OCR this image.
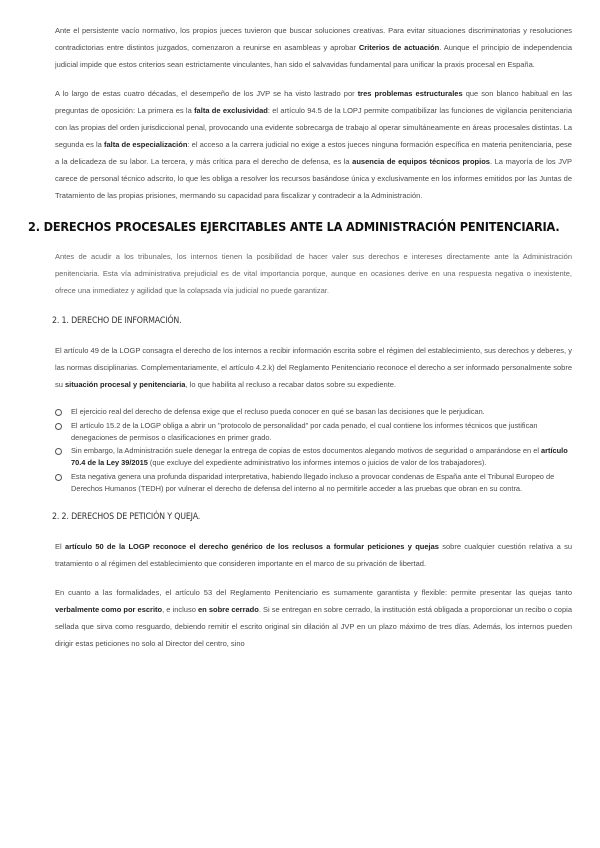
Ante el persistente vacío normativo, los propios jueces tuvieron que buscar soluciones creativas. Para evitar situaciones discriminatorias y resoluciones contradictorias entre distintos juzgados, comenzaron a reunirse en asambleas y aprobar Criterios de actuación. Aunque el principio de independencia judicial impide que estos criterios sean estrictamente vinculantes, han sido el salvavidas fundamental para unificar la praxis procesal en España.

A lo largo de estas cuatro décadas, el desempeño de los JVP se ha visto lastrado por tres problemas estructurales que son blanco habitual en las preguntas de oposición: La primera es la falta de exclusividad: el artículo 94.5 de la LOPJ permite compatibilizar las funciones de vigilancia penitenciaria con las propias del orden jurisdiccional penal, provocando una evidente sobrecarga de trabajo al operar simultáneamente en áreas procesales distintas. La segunda es la falta de especialización: el acceso a la carrera judicial no exige a estos jueces ninguna formación específica en materia penitenciaria, pese a la delicadeza de su labor. La tercera, y más crítica para el derecho de defensa, es la ausencia de equipos técnicos propios. La mayoría de los JVP carece de personal técnico adscrito, lo que les obliga a resolver los recursos basándose única y exclusivamente en los informes emitidos por las Juntas de Tratamiento de las propias prisiones, mermando su capacidad para fiscalizar y contradecir a la Administración.

2. DERECHOS PROCESALES EJERCITABLES ANTE LA ADMINISTRACIÓN PENITENCIARIA.

Antes de acudir a los tribunales, los internos tienen la posibilidad de hacer valer sus derechos e intereses directamente ante la Administración penitenciaria. Esta vía administrativa prejudicial es de vital importancia porque, aunque en ocasiones derive en una respuesta negativa o inexistente, ofrece una inmediatez y agilidad que la colapsada vía judicial no puede garantizar.

2. 1. DERECHO DE INFORMACIÓN.

El artículo 49 de la LOGP consagra el derecho de los internos a recibir información escrita sobre el régimen del establecimiento, sus derechos y deberes, y las normas disciplinarias. Complementariamente, el artículo 4.2.k) del Reglamento Penitenciario reconoce el derecho a ser informado personalmente sobre su situación procesal y penitenciaria, lo que habilita al recluso a recabar datos sobre su expediente.

El ejercicio real del derecho de defensa exige que el recluso pueda conocer en qué se basan las decisiones que le perjudican.
El artículo 15.2 de la LOGP obliga a abrir un "protocolo de personalidad" por cada penado, el cual contiene los informes técnicos que justifican denegaciones de permisos o clasificaciones en primer grado.
Sin embargo, la Administración suele denegar la entrega de copias de estos documentos alegando motivos de seguridad o amparándose en el artículo 70.4 de la Ley 39/2015 (que excluye del expediente administrativo los informes internos o juicios de valor de los trabajadores).
Esta negativa genera una profunda disparidad interpretativa, habiendo llegado incluso a provocar condenas de España ante el Tribunal Europeo de Derechos Humanos (TEDH) por vulnerar el derecho de defensa del interno al no permitirle acceder a las pruebas que obran en su contra.
2. 2. DERECHOS DE PETICIÓN Y QUEJA.

El artículo 50 de la LOGP reconoce el derecho genérico de los reclusos a formular peticiones y quejas sobre cualquier cuestión relativa a su tratamiento o al régimen del establecimiento que consideren importante en el marco de su privación de libertad.

En cuanto a las formalidades, el artículo 53 del Reglamento Penitenciario es sumamente garantista y flexible: permite presentar las quejas tanto verbalmente como por escrito, e incluso en sobre cerrado. Si se entregan en sobre cerrado, la institución está obligada a proporcionar un recibo o copia sellada que sirva como resguardo, debiendo remitir el escrito original sin dilación al JVP en un plazo máximo de tres días. Además, los internos pueden dirigir estas peticiones no solo al Director del centro, sino
